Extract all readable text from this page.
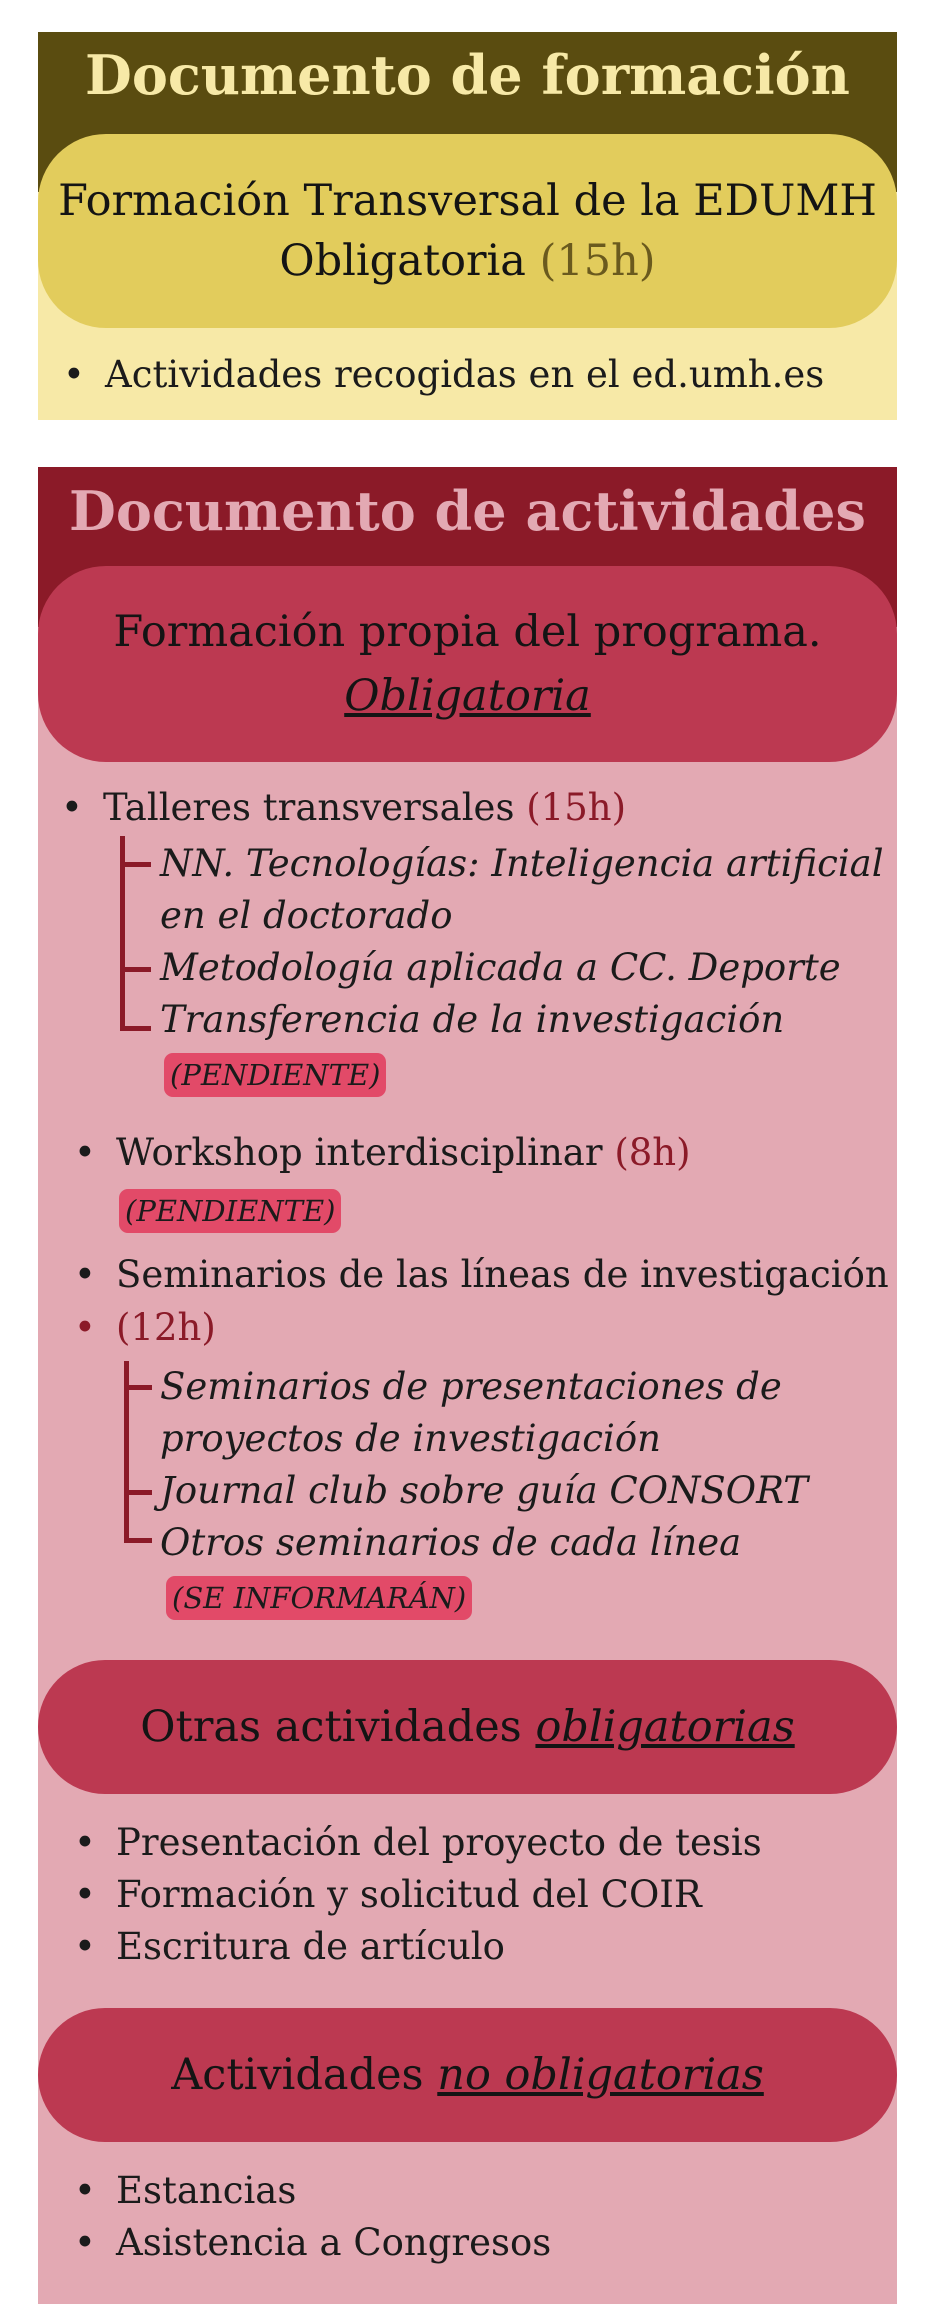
Documento de formación
Formación Transversal de la EDUMH
Obligatoria (15h)
• Actividades recogidas en el ed.umh.es
Documento de actividades
Formación propia del programa.
Obligatoria
• Talleres transversales (15h)
NN. Tecnologías: Inteligencia artificial
en el doctorado
Metodología aplicada a CC. Deporte
Transferencia de la investigación
(PENDIENTE)
• Workshop interdisciplinar (8h)
(PENDIENTE)
• Seminarios de las líneas de investigación
• (12h)
Seminarios de presentaciones de
proyectos de investigación
Journal club sobre guía CONSORT
Otros seminarios de cada línea
(SE INFORMARÁN)
Otras actividades obligatorias
• Presentación del proyecto de tesis
• Formación y solicitud del COIR
• Escritura de artículo
Actividades no obligatorias
• Estancias
• Asistencia a Congresos
